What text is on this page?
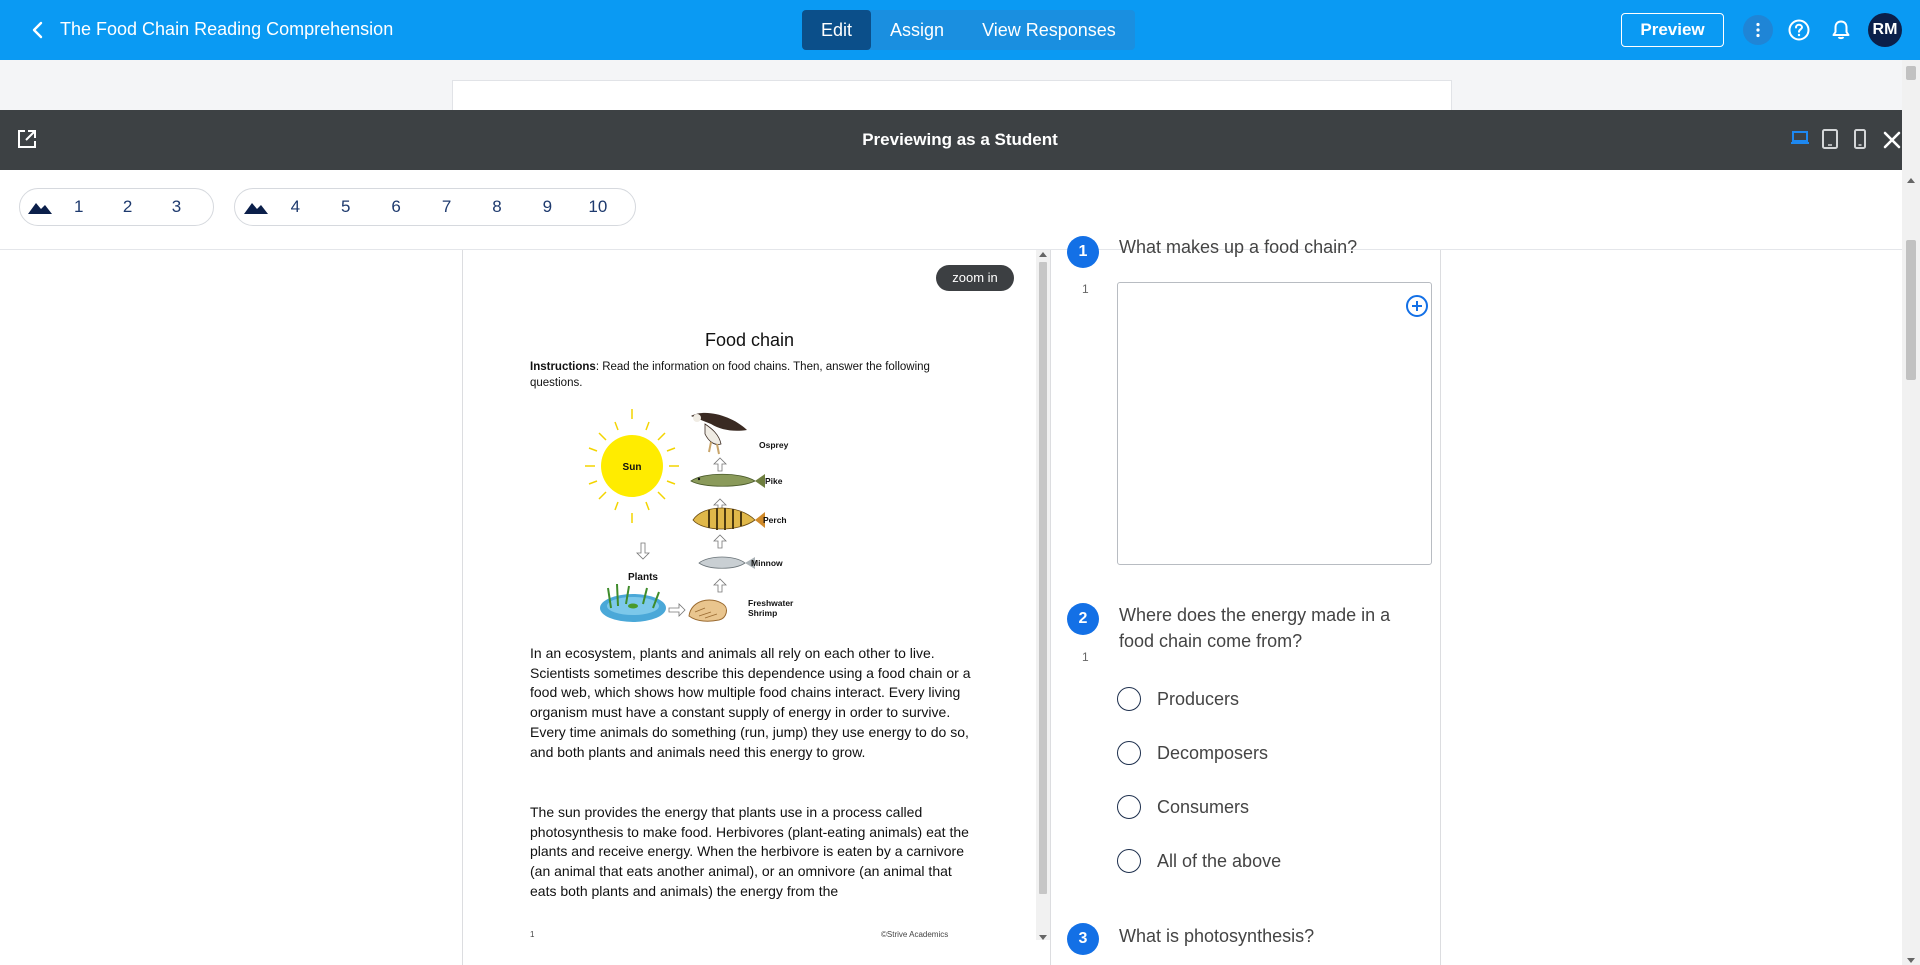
The Food Chain Reading Comprehension	Edit	Assign	View Responses	Preview	RM
Previewing as a Student
1	2	3	4	5	6	7	8	9	10
zoom in
Food chain
Instructions: Read the information on food chains. Then, answer the following questions.
Sun
Plants
Freshwater
Shrimp
Minnow
Perch
Pike
Osprey
In an ecosystem, plants and animals all rely on each other to live. Scientists sometimes describe this dependence using a food chain or a food web, which shows how multiple food chains interact. Every living organism must have a constant supply of energy in order to survive. Every time animals do something (run, jump) they use energy to do so, and both plants and animals need this energy to grow.
The sun provides the energy that plants use in a process called photosynthesis to make food. Herbivores (plant-eating animals) eat the plants and receive energy. When the herbivore is eaten by a carnivore (an animal that eats another animal), or an omnivore (an animal that eats both plants and animals) the energy from the
1	©Strive Academics
1	What makes up a food chain?
1
2	Where does the energy made in a food chain come from?
1
Producers
Decomposers
Consumers
All of the above
3	What is photosynthesis?
